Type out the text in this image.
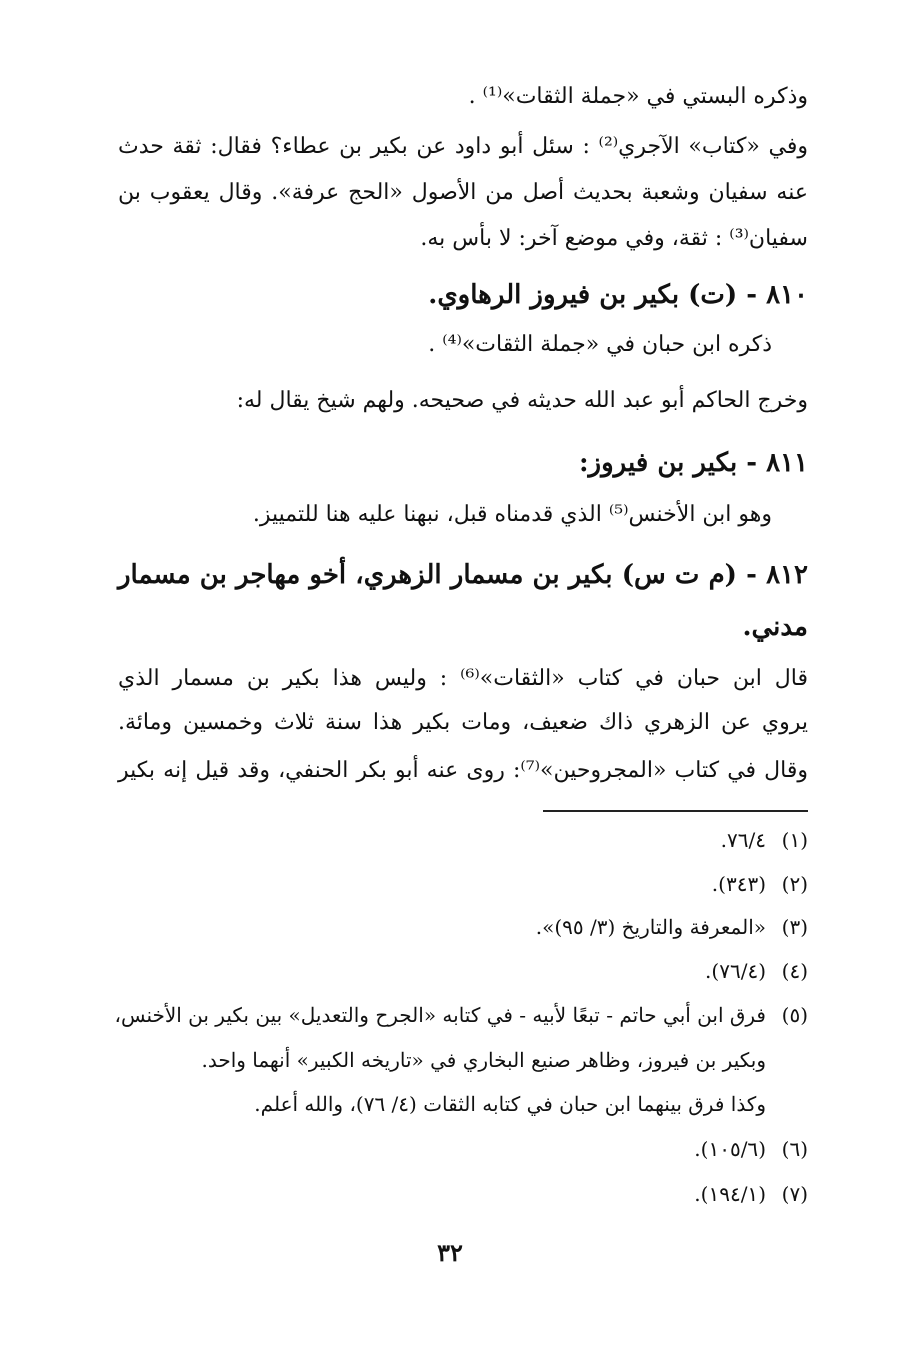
وذكره البستي في «جملة الثقات»⁽¹⁾ .
وفي «كتاب» الآجري⁽²⁾ : سئل أبو داود عن بكير بن عطاء؟ فقال: ثقة حدث
عنه سفيان وشعبة بحديث أصل من الأصول «الحج عرفة». وقال يعقوب بن
سفيان⁽³⁾ : ثقة، وفي موضع آخر: لا بأس به.
٨١٠ - (ت) بكير بن فيروز الرهاوي.
ذكره ابن حبان في «جملة الثقات»⁽⁴⁾ .
وخرج الحاكم أبو عبد الله حديثه في صحيحه. ولهم شيخ يقال له:
٨١١ - بكير بن فيروز:
وهو ابن الأخنس⁽⁵⁾ الذي قدمناه قبل، نبهنا عليه هنا للتمييز.
٨١٢ - (م ت س) بكير بن مسمار الزهري، أخو مهاجر بن مسمار
مدني.
قال ابن حبان في كتاب «الثقات»⁽⁶⁾ : وليس هذا بكير بن مسمار الذي
يروي عن الزهري ذاك ضعيف، ومات بكير هذا سنة ثلاث وخمسين ومائة.
وقال في كتاب «المجروحين»⁽⁷⁾: روى عنه أبو بكر الحنفي، وقد قيل إنه بكير
(١)٧٦/٤.
(٢)(٣٤٣).
(٣)«المعرفة والتاريخ (٣/ ٩٥)».
(٤)(٧٦/٤).
(٥)فرق ابن أبي حاتم - تبعًا لأبيه - في كتابه «الجرح والتعديل» بين بكير بن الأخنس،
وبكير بن فيروز، وظاهر صنيع البخاري في «تاريخه الكبير» أنهما واحد.
وكذا فرق بينهما ابن حبان في كتابه الثقات (٤/ ٧٦)، والله أعلم.
(٦)(١٠٥/٦).
(٧)(١٩٤/١).
٣٢
